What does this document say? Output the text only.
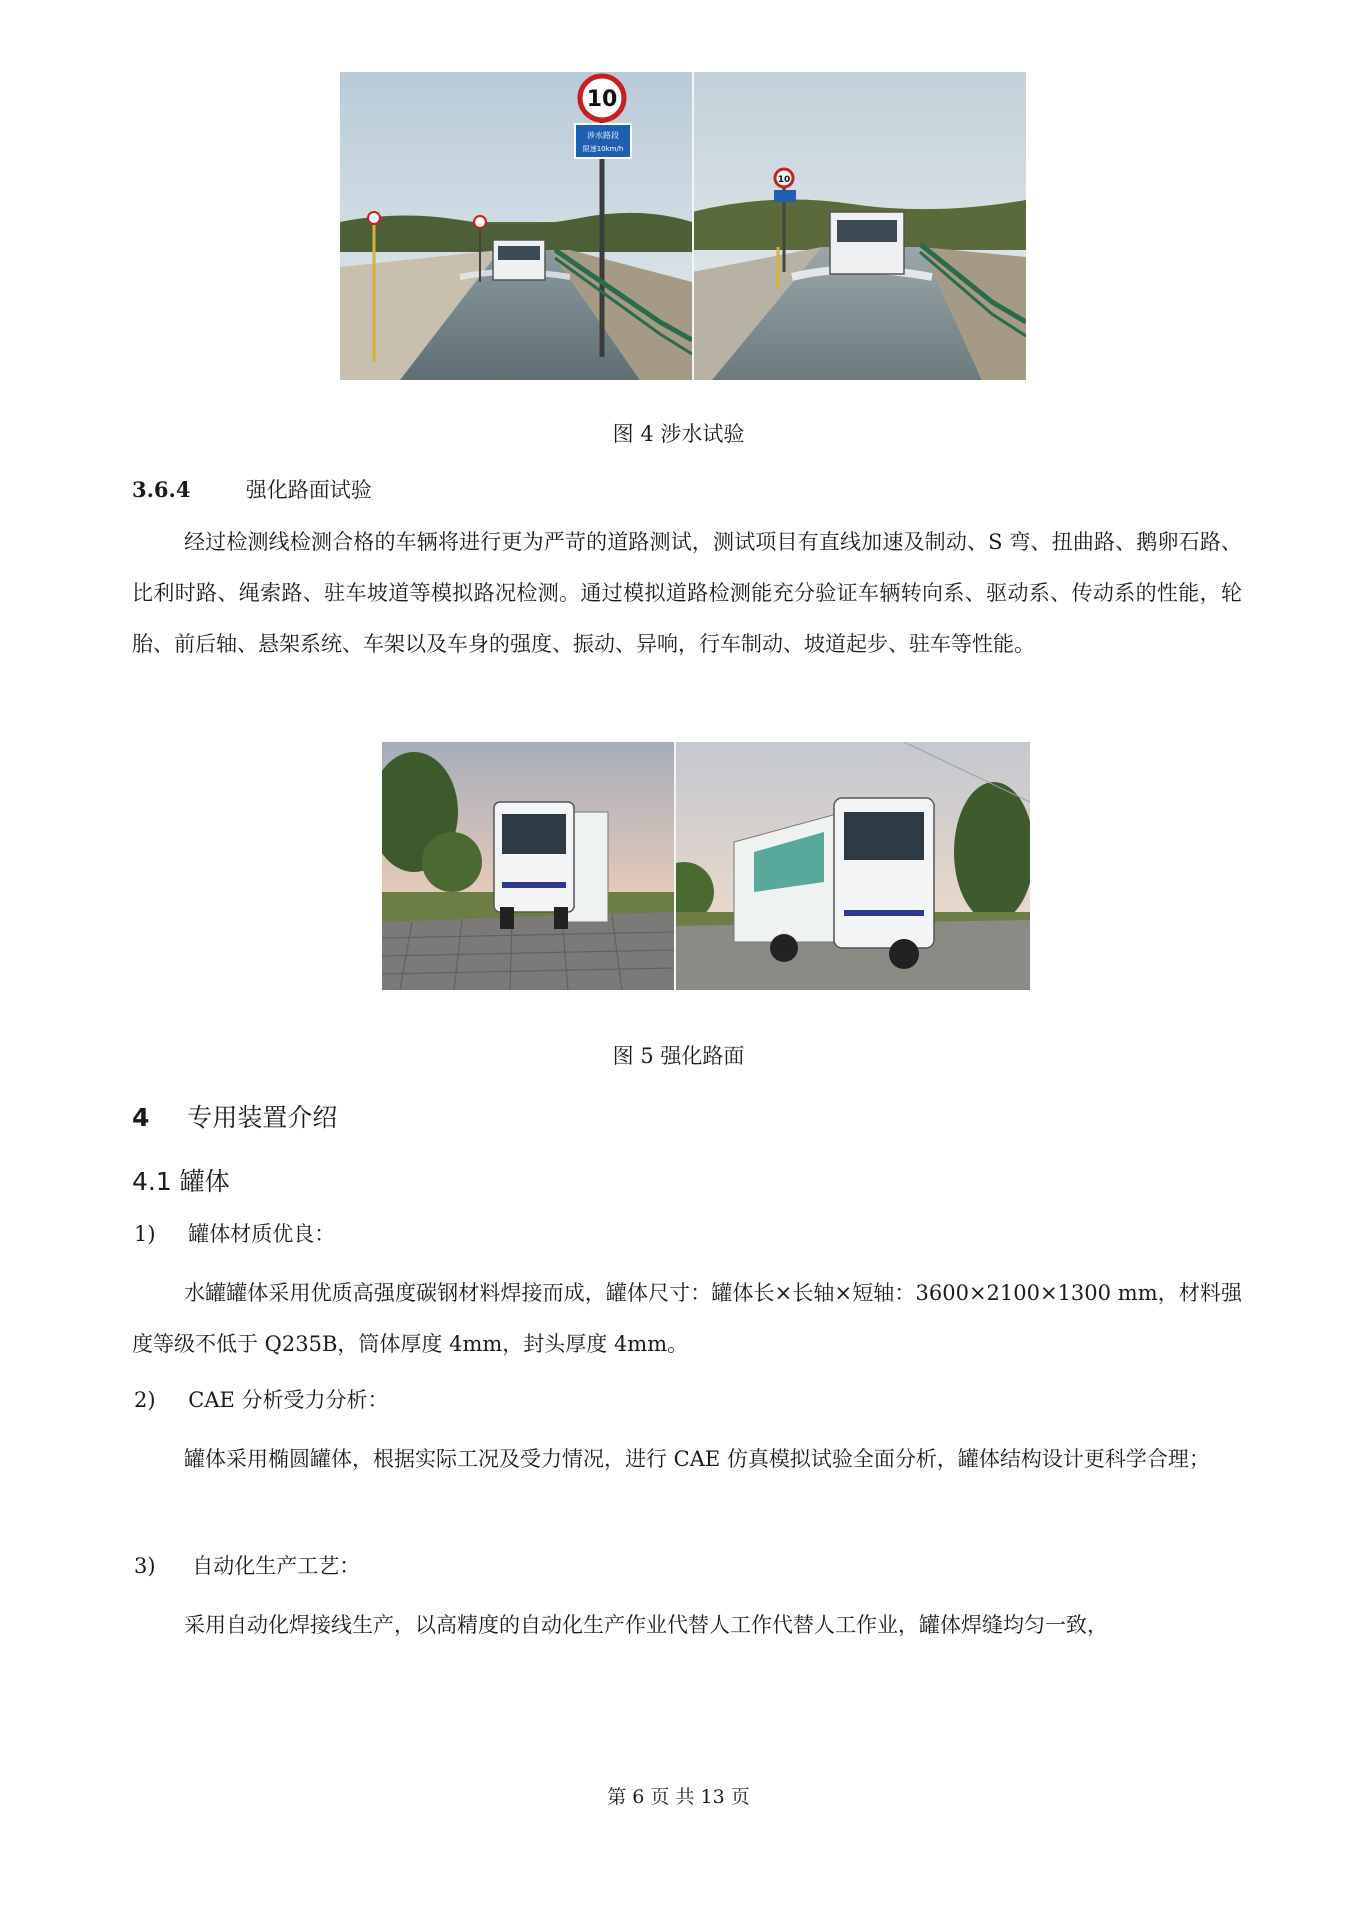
10
涉水路段
限速10km/h
10
图 4 涉水试验
3.6.4	强化路面试验
经过检测线检测合格的车辆将进行更为严苛的道路测试，测试项目有直线加速及制动、S 弯、扭曲路、鹅卵石路、比利时路、绳索路、驻车坡道等模拟路况检测。通过模拟道路检测能充分验证车辆转向系、驱动系、传动系的性能，轮胎、前后轴、悬架系统、车架以及车身的强度、振动、异响，行车制动、坡道起步、驻车等性能。
图 5 强化路面
4 专用装置介绍
4.1 罐体
1) 罐体材质优良：
水罐罐体采用优质高强度碳钢材料焊接而成，罐体尺寸：罐体长×长轴×短轴：3600×2100×1300 mm，材料强度等级不低于 Q235B，筒体厚度 4mm，封头厚度 4mm。
2) CAE 分析受力分析：
罐体采用椭圆罐体，根据实际工况及受力情况，进行 CAE 仿真模拟试验全面分析，罐体结构设计更科学合理；
3) 自动化生产工艺：
采用自动化焊接线生产，以高精度的自动化生产作业代替人工作代替人工作业，罐体焊缝均匀一致，
第 6 页 共 13 页
